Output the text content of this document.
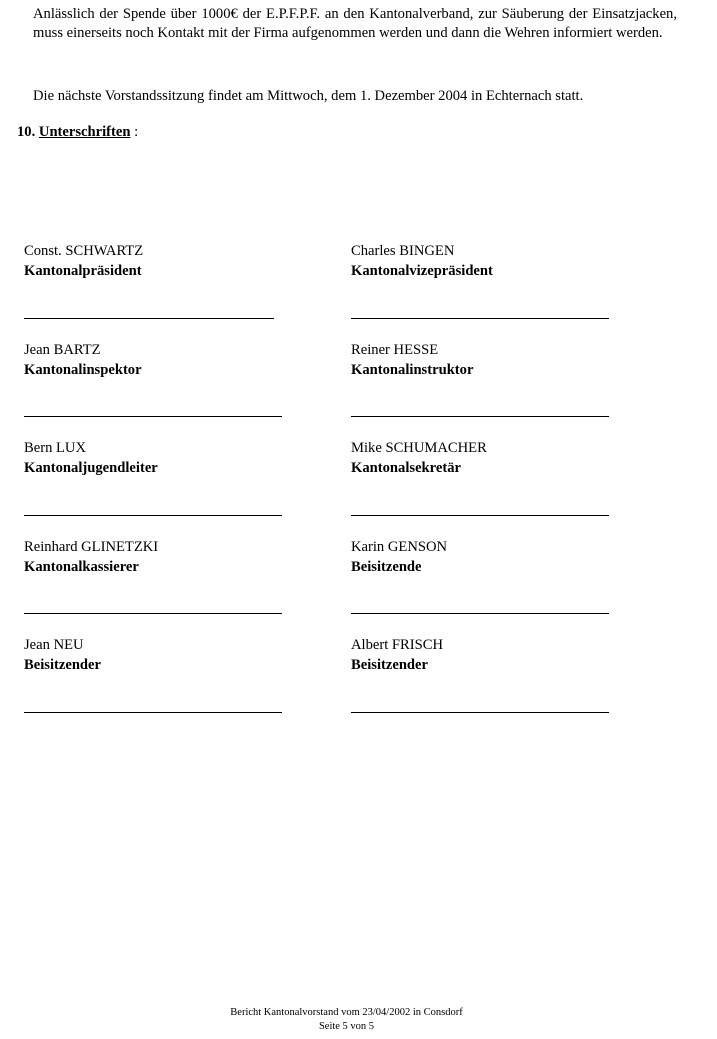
Anlässlich der Spende über 1000€ der E.P.F.P.F. an den Kantonalverband, zur Säuberung der Einsatzjacken, muss einerseits noch Kontakt mit der Firma aufgenommen werden und dann die Wehren informiert werden.

Die nächste Vorstandssitzung findet am Mittwoch, dem 1. Dezember 2004 in Echternach statt.

10. Unterschriften :
Const. SCHWARTZ
Kantonalpräsident
Charles BINGEN
Kantonalvizepräsident
Jean BARTZ
Kantonalinspektor
Reiner HESSE
Kantonalinstruktor
Bern LUX
Kantonaljugendleiter
Mike SCHUMACHER
Kantonalsekretär
Reinhard GLINETZKI
Kantonalkassierer
Karin GENSON
Beisitzende
Jean NEU
Beisitzender
Albert FRISCH
Beisitzender
Bericht Kantonalvorstand vom 23/04/2002 in Consdorf
Seite 5 von 5
